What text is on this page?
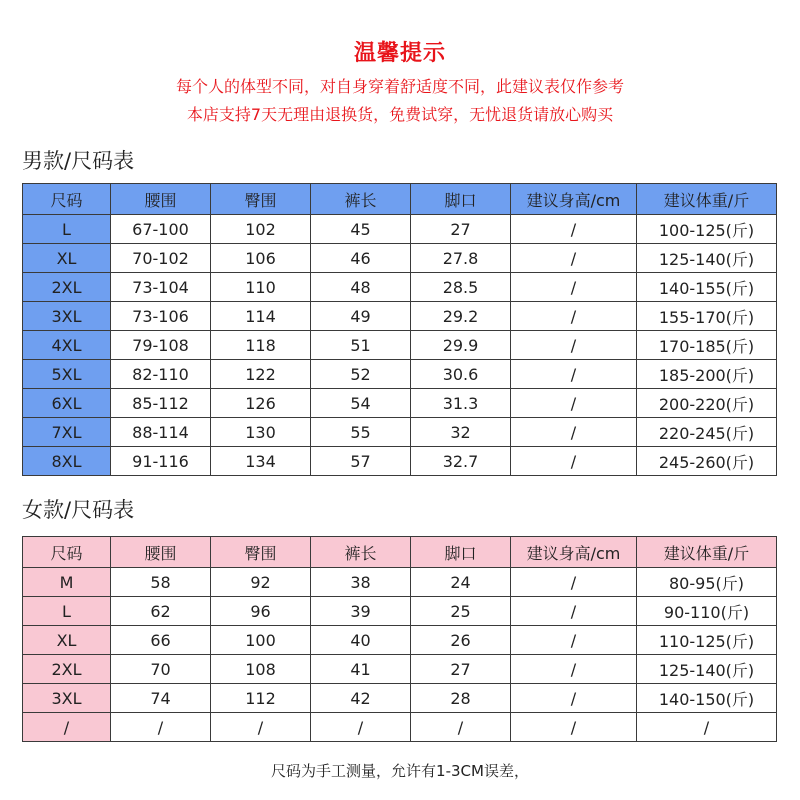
温馨提示
每个人的体型不同，对自身穿着舒适度不同，此建议表仅作参考
本店支持7天无理由退换货，免费试穿，无忧退货请放心购买
男款/尺码表
尺码	腰围	臀围	裤长	脚口	建议身高/cm	建议体重/斤
L	67-100	102	45	27	/	100-125(斤)
XL	70-102	106	46	27.8	/	125-140(斤)
2XL	73-104	110	48	28.5	/	140-155(斤)
3XL	73-106	114	49	29.2	/	155-170(斤)
4XL	79-108	118	51	29.9	/	170-185(斤)
5XL	82-110	122	52	30.6	/	185-200(斤)
6XL	85-112	126	54	31.3	/	200-220(斤)
7XL	88-114	130	55	32	/	220-245(斤)
8XL	91-116	134	57	32.7	/	245-260(斤)
女款/尺码表
尺码	腰围	臀围	裤长	脚口	建议身高/cm	建议体重/斤
M	58	92	38	24	/	80-95(斤)
L	62	96	39	25	/	90-110(斤)
XL	66	100	40	26	/	110-125(斤)
2XL	70	108	41	27	/	125-140(斤)
3XL	74	112	42	28	/	140-150(斤)
/	/	/	/	/	/	/
尺码为手工测量，允许有1-3CM误差，
